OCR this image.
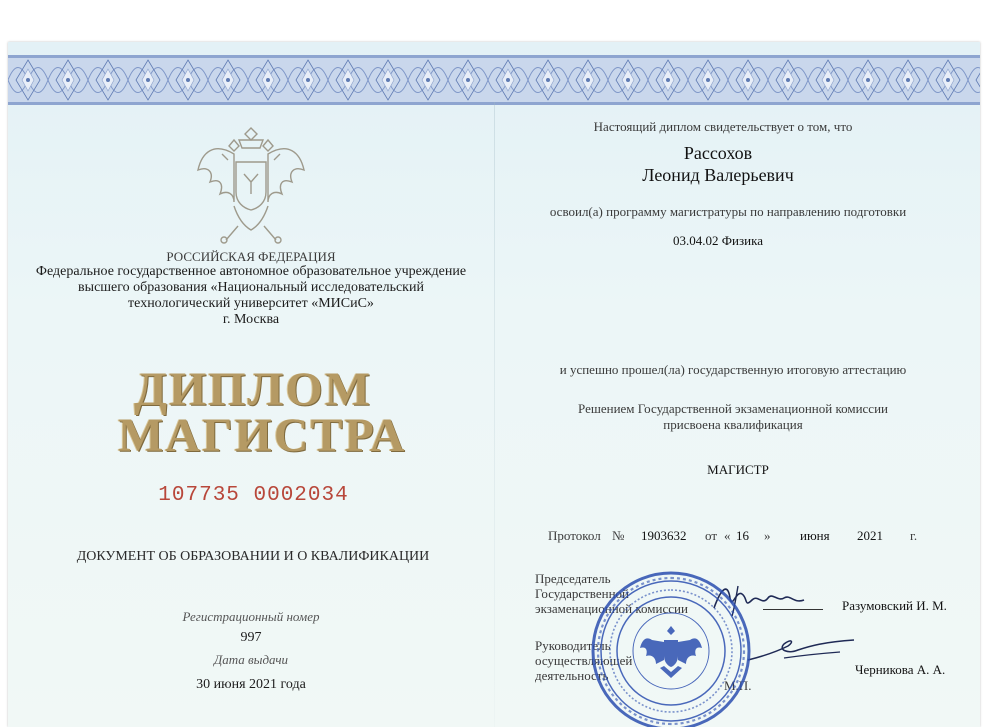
РОССИЙСКАЯ ФЕДЕРАЦИЯ
Федеральное государственное автономное образовательное учреждение
высшего образования «Национальный исследовательский
технологический университет «МИСиС»
г. Москва
ДИПЛОМ
МАГИСТРА
107735 0002034
ДОКУМЕНТ ОБ ОБРАЗОВАНИИ И О КВАЛИФИКАЦИИ
Регистрационный номер
997
Дата выдачи
30 июня 2021 года
Настоящий диплом свидетельствует о том, что
Рассохов
Леонид Валерьевич
освоил(а) программу магистратуры по направлению подготовки
03.04.02 Физика
и успешно прошел(ла) государственную итоговую аттестацию
Решением Государственной экзаменационной комиссии
присвоена квалификация
МАГИСТР
Протокол № 1903632 от « 16 » июня 2021 г.
Председатель
Государственной
экзаменационной комиссии	Разумовский И. М.
Руководитель
осуществляющей
деятельность	Черникова А. А.
М.П.
